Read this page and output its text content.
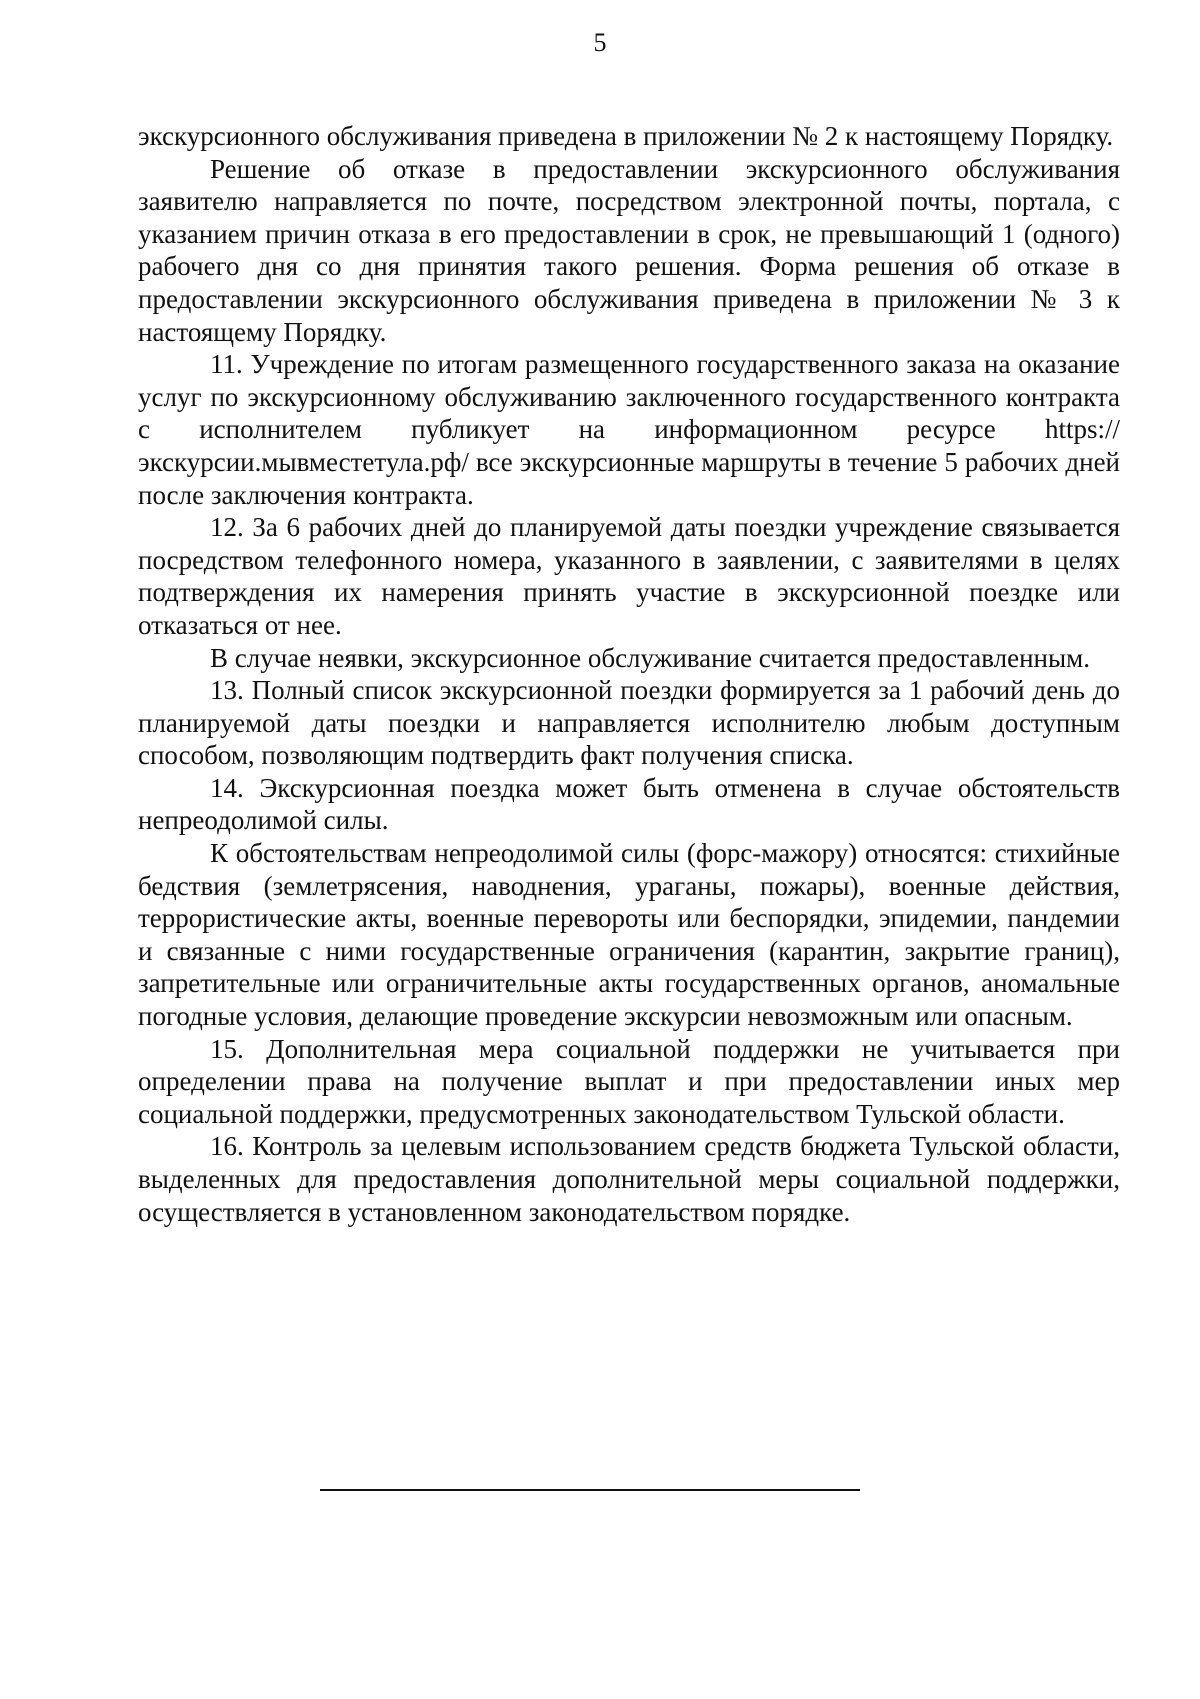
5

экскурсионного обслуживания приведена в приложении № 2 к настоящему Порядку.

Решение об отказе в предоставлении экскурсионного обслуживания заявителю направляется по почте, посредством электронной почты, портала, с указанием причин отказа в его предоставлении в срок, не превышающий 1 (одного) рабочего дня со дня принятия такого решения. Форма решения об отказе в предоставлении экскурсионного обслуживания приведена в приложении № 3 к настоящему Порядку.

11. Учреждение по итогам размещенного государственного заказа на оказание услуг по экскурсионному обслуживанию заключенного государственного контракта с исполнителем публикует на информационном ресурсе https://экскурсии.мывместетула.рф/ все экскурсионные маршруты в течение 5 рабочих дней после заключения контракта.

12. За 6 рабочих дней до планируемой даты поездки учреждение связывается посредством телефонного номера, указанного в заявлении, с заявителями в целях подтверждения их намерения принять участие в экскурсионной поездке или отказаться от нее.

В случае неявки, экскурсионное обслуживание считается предоставленным.

13. Полный список экскурсионной поездки формируется за 1 рабочий день до планируемой даты поездки и направляется исполнителю любым доступным способом, позволяющим подтвердить факт получения списка.

14. Экскурсионная поездка может быть отменена в случае обстоятельств непреодолимой силы.

К обстоятельствам непреодолимой силы (форс-мажору) относятся: стихийные бедствия (землетрясения, наводнения, ураганы, пожары), военные действия, террористические акты, военные перевороты или беспорядки, эпидемии, пандемии и связанные с ними государственные ограничения (карантин, закрытие границ), запретительные или ограничительные акты государственных органов, аномальные погодные условия, делающие проведение экскурсии невозможным или опасным.

15. Дополнительная мера социальной поддержки не учитывается при определении права на получение выплат и при предоставлении иных мер социальной поддержки, предусмотренных законодательством Тульской области.

16. Контроль за целевым использованием средств бюджета Тульской области, выделенных для предоставления дополнительной меры социальной поддержки, осуществляется в установленном законодательством порядке.
